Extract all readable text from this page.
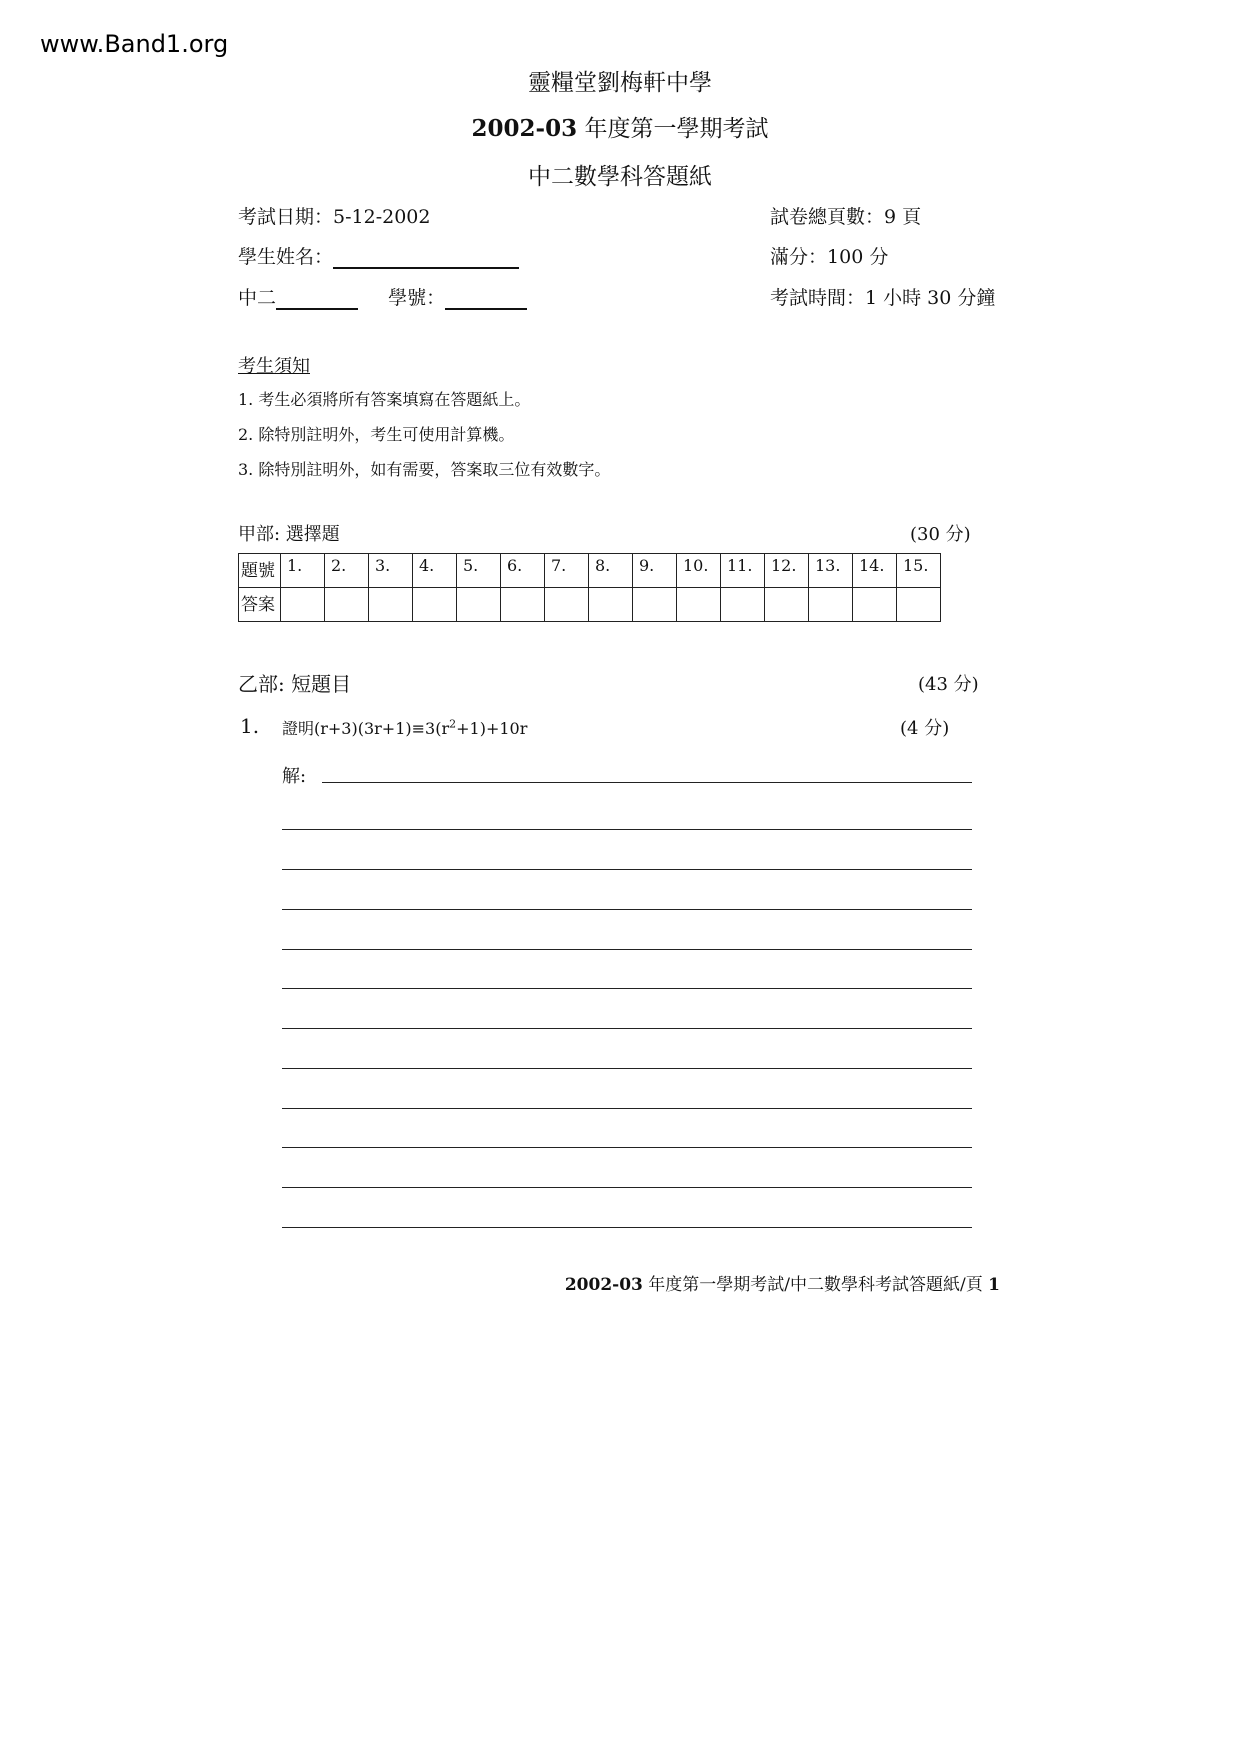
www.Band1.org
靈糧堂劉梅軒中學
2002-03 年度第一學期考試
中二數學科答題紙
考試日期：5-12-2002	試卷總頁數：9 頁
學生姓名：	滿分：100 分
中二	學號：	考試時間：1 小時 30 分鐘
考生須知
1. 考生必須將所有答案填寫在答題紙上。
2. 除特別註明外，考生可使用計算機。
3. 除特別註明外，如有需要，答案取三位有效數字。
甲部: 選擇題	(30 分)
題號	1.	2.	3.	4.	5.	6.	7.	8.	9.	10.	11.	12.	13.	14.	15.
答案															
乙部: 短題目	(43 分)
1. 證明$(r+3)(3r+1)\equiv 3(r^2+1)+10r$	(4 分)
解:
2002-03 年度第一學期考試/中二數學科考試答題紙/頁 1
